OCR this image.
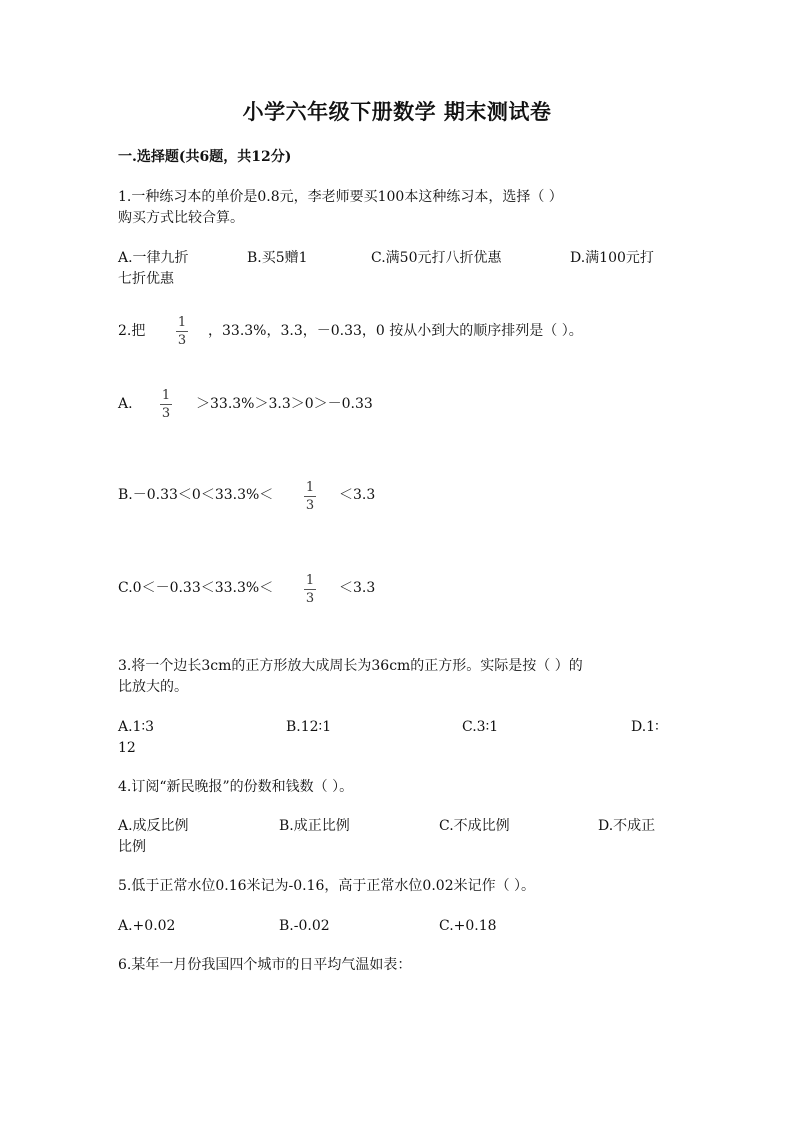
小学六年级下册数学 期末测试卷
一.选择题(共6题，共12分)
1.一种练习本的单价是0.8元，李老师要买100本这种练习本，选择（ ）
购买方式比较合算。
A.一律九折	B.买5赠1	C.满50元打八折优惠	D.满100元打
七折优惠
2.把
1
3
，33.3%，3.3，－0.33，0 按从小到大的顺序排列是（ ）。
A.
1
3
＞33.3%＞3.3＞0＞－0.33
B.－0.33＜0＜33.3%＜	1
3
＜3.3
C.0＜－0.33＜33.3%＜	1
3
＜3.3
3.将一个边长3cm的正方形放大成周长为36cm的正方形。实际是按（ ）的
比放大的。
A.1∶3	B.12∶1	C.3∶1	D.1∶
12
4.订阅“新民晚报”的份数和钱数（ ）。
A.成反比例	B.成正比例	C.不成比例	D.不成正
比例
5.低于正常水位0.16米记为-0.16，高于正常水位0.02米记作（ ）。
A.+0.02	B.-0.02	C.+0.18
6.某年一月份我国四个城市的日平均气温如表：
